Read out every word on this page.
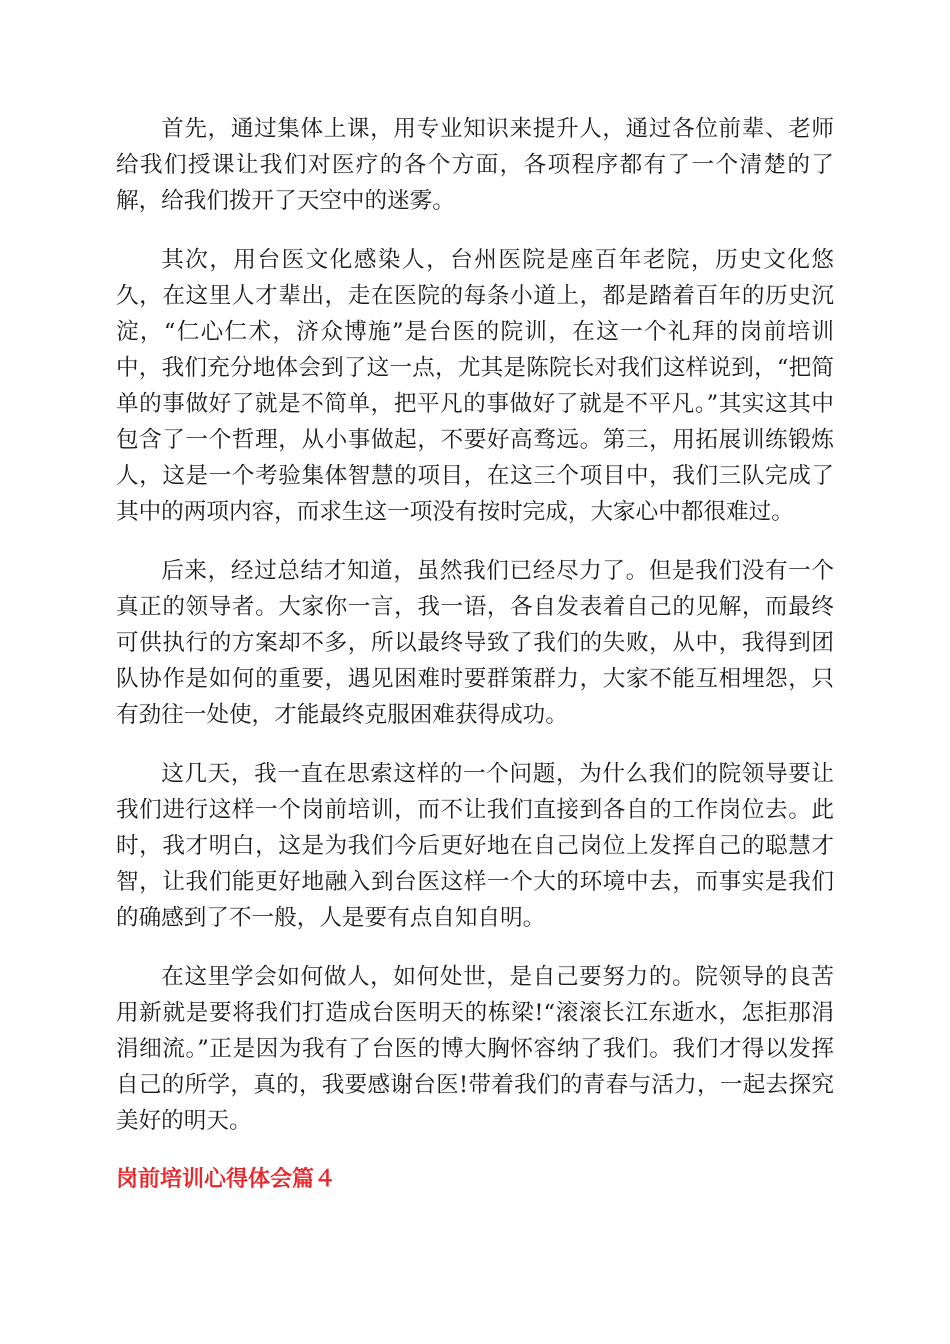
首先，通过集体上课，用专业知识来提升人，通过各位前辈、老师给我们授课让我们对医疗的各个方面，各项程序都有了一个清楚的了解，给我们拨开了天空中的迷雾。

其次，用台医文化感染人，台州医院是座百年老院，历史文化悠久，在这里人才辈出，走在医院的每条小道上，都是踏着百年的历史沉淀，“仁心仁术，济众博施”是台医的院训，在这一个礼拜的岗前培训中，我们充分地体会到了这一点，尤其是陈院长对我们这样说到，“把简单的事做好了就是不简单，把平凡的事做好了就是不平凡。”其实这其中包含了一个哲理，从小事做起，不要好高骛远。第三，用拓展训练锻炼人，这是一个考验集体智慧的项目，在这三个项目中，我们三队完成了其中的两项内容，而求生这一项没有按时完成，大家心中都很难过。

后来，经过总结才知道，虽然我们已经尽力了。但是我们没有一个真正的领导者。大家你一言，我一语，各自发表着自己的见解，而最终可供执行的方案却不多，所以最终导致了我们的失败，从中，我得到团队协作是如何的重要，遇见困难时要群策群力，大家不能互相埋怨，只有劲往一处使，才能最终克服困难获得成功。

这几天，我一直在思索这样的一个问题，为什么我们的院领导要让我们进行这样一个岗前培训，而不让我们直接到各自的工作岗位去。此时，我才明白，这是为我们今后更好地在自己岗位上发挥自己的聪慧才智，让我们能更好地融入到台医这样一个大的环境中去，而事实是我们的确感到了不一般，人是要有点自知自明。

在这里学会如何做人，如何处世，是自己要努力的。院领导的良苦用新就是要将我们打造成台医明天的栋梁!“滚滚长江东逝水，怎拒那涓涓细流。”正是因为我有了台医的博大胸怀容纳了我们。我们才得以发挥自己的所学，真的，我要感谢台医!带着我们的青春与活力，一起去探究美好的明天。

岗前培训心得体会篇４
